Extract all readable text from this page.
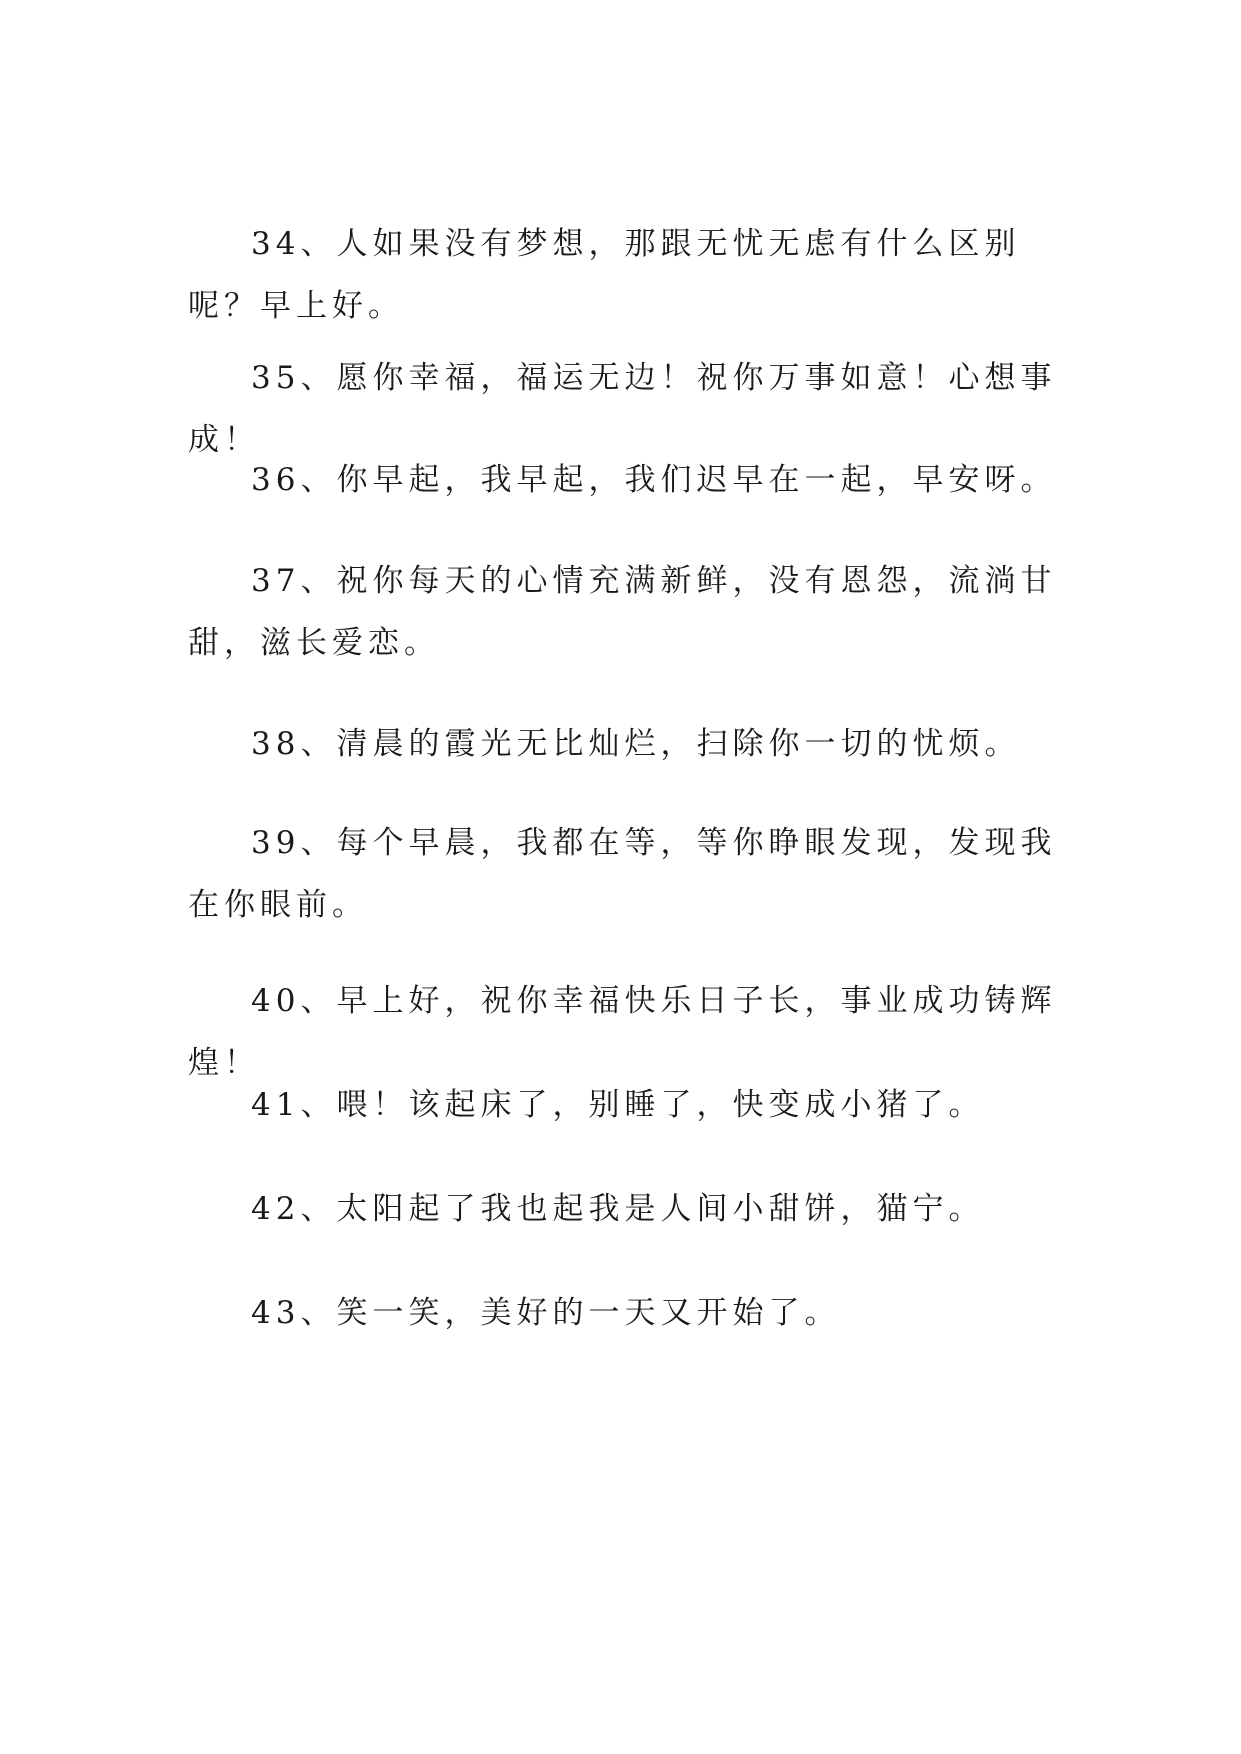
34、人如果没有梦想，那跟无忧无虑有什么区别呢？早上好。

35、愿你幸福，福运无边！祝你万事如意！心想事成！

36、你早起，我早起，我们迟早在一起，早安呀。

37、祝你每天的心情充满新鲜，没有恩怨，流淌甘甜，滋长爱恋。

38、清晨的霞光无比灿烂，扫除你一切的忧烦。

39、每个早晨，我都在等，等你睁眼发现，发现我在你眼前。

40、早上好，祝你幸福快乐日子长，事业成功铸辉煌！

41、喂！该起床了，别睡了，快变成小猪了。

42、太阳起了我也起我是人间小甜饼，猫宁。

43、笑一笑，美好的一天又开始了。
